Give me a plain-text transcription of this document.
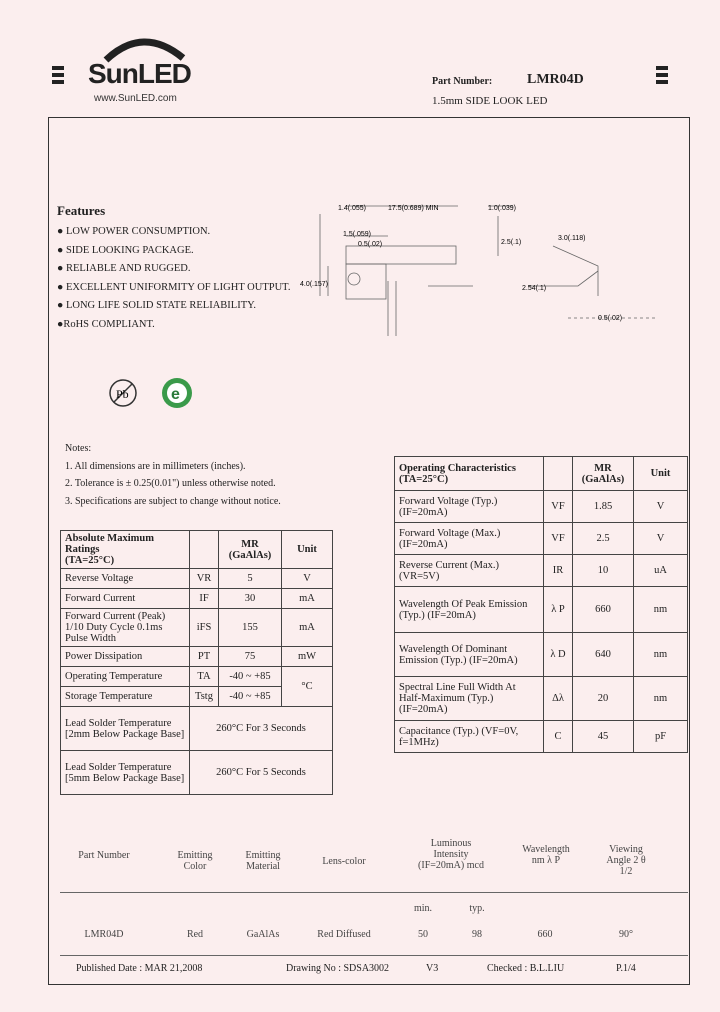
SunLED
www.SunLED.com
Part Number: LMR04D
1.5mm SIDE LOOK LED
Features
● LOW POWER CONSUMPTION.
● SIDE LOOKING PACKAGE.
● RELIABLE AND RUGGED.
● EXCELLENT UNIFORMITY OF LIGHT OUTPUT.
● LONG LIFE SOLID STATE RELIABILITY.
●RoHS COMPLIANT.
Pb	e
1.4(.055)	17.5(0.689) MIN	1.0(.039)
1.5(.059)
0.5(.02)	2.5(.1)
3.0(.118)
2.54(.1)
0.5(.02)
4.0(.157)
Notes:
1. All dimensions are in millimeters (inches).
2. Tolerance is ± 0.25(0.01") unless otherwise noted.
3. Specifications are subject to change without notice.
Absolute Maximum Ratings
(TA=25°C)		MR
(GaAlAs)	Unit
Reverse Voltage	VR	5	V
Forward Current	IF	30	mA
Forward Current (Peak) 1/10 Duty Cycle 0.1ms Pulse Width	iFS	155	mA
Power Dissipation	PT	75	mW
Operating Temperature	TA	-40 ~ +85	°C
Storage Temperature	Tstg	-40 ~ +85	
Lead Solder Temperature [2mm Below Package Base]	260°C For 3 Seconds		
Lead Solder Temperature [5mm Below Package Base]	260°C For 5 Seconds		
Operating Characteristics
(TA=25°C)		MR
(GaAlAs)	Unit
Forward Voltage (Typ.) (IF=20mA)	VF	1.85	V
Forward Voltage (Max.) (IF=20mA)	VF	2.5	V
Reverse Current (Max.) (VR=5V)	IR	10	uA
Wavelength Of Peak Emission (Typ.) (IF=20mA)	λ P	660	nm
Wavelength Of Dominant Emission (Typ.) (IF=20mA)	λ D	640	nm
Spectral Line Full Width At Half-Maximum (Typ.) (IF=20mA)	Δλ	20	nm
Capacitance (Typ.) (VF=0V, f=1MHz)	C	45	pF
Part Number	Emitting Color
Emitting Material	Lens-color
Luminous Intensity (IF=20mA) mcd
Wavelength nm λ P
Viewing Angle 2 θ 1/2
min.	typ.
LMR04D	Red	GaAlAs	Red Diffused	50	98	660	90°
Published Date : MAR 21,2008	Drawing No : SDSA3002	V3	Checked : B.L.LIU	P.1/4
